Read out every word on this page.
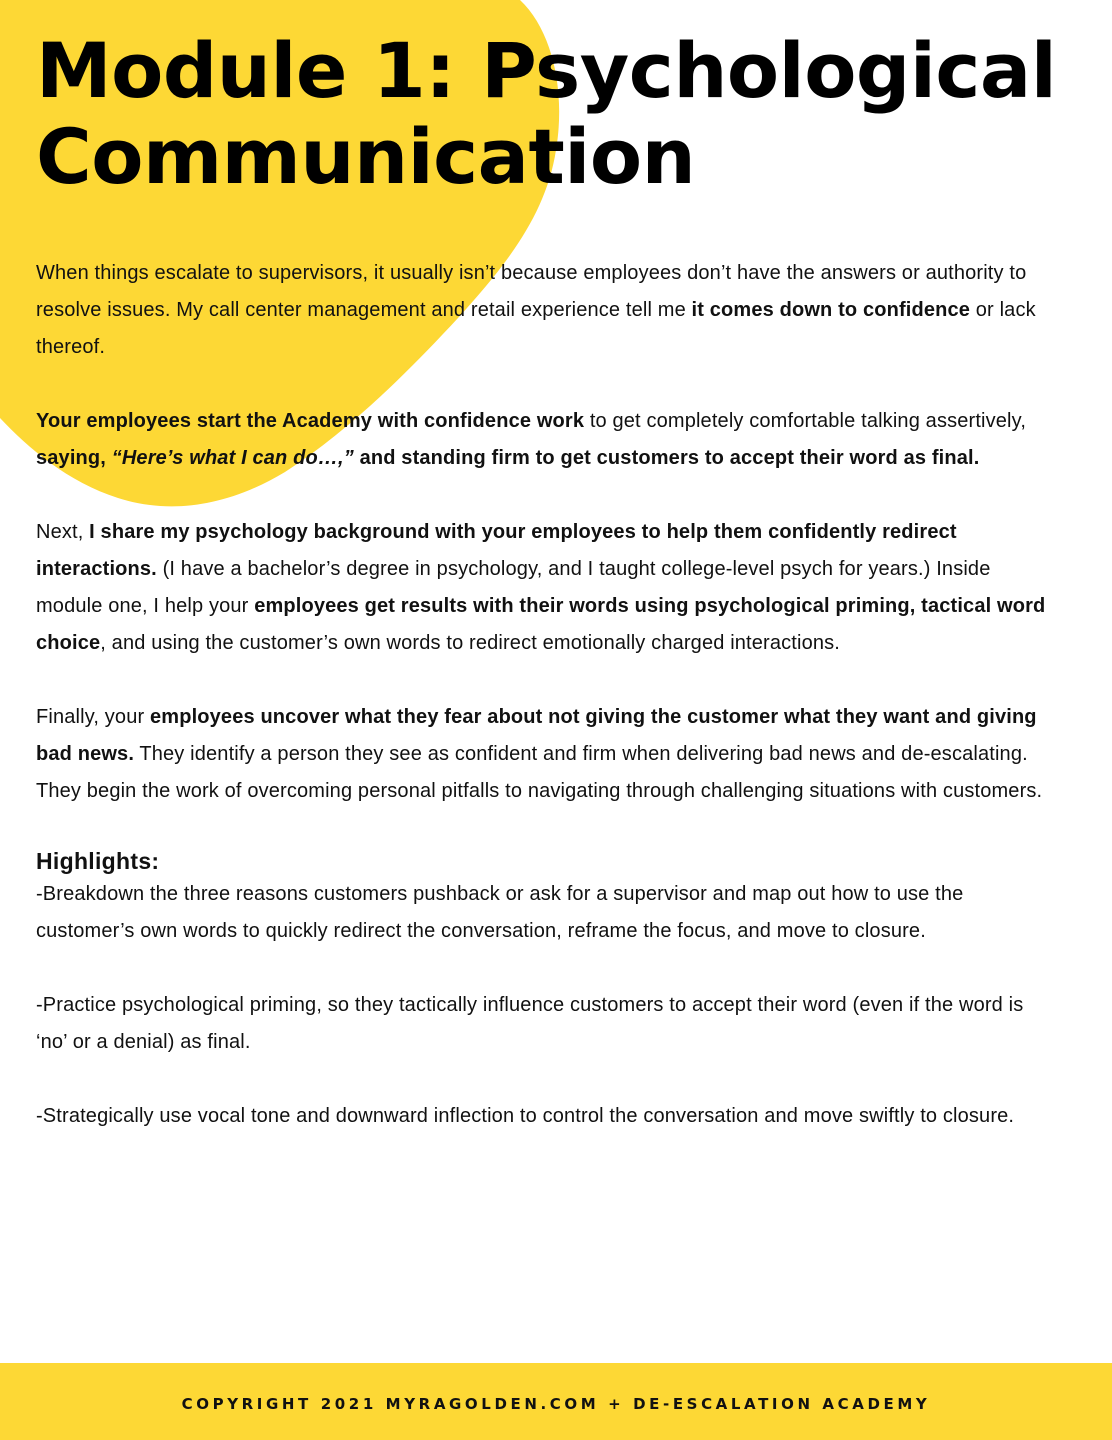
Module 1: Psychological
Communication

When things escalate to supervisors, it usually isn’t because employees don’t have the answers or authority to resolve issues. My call center management and retail experience tell me it comes down to confidence or lack thereof.

Your employees start the Academy with confidence work to get completely comfortable talking assertively, saying, “Here’s what I can do…,” and standing firm to get customers to accept their word as final.

Next, I share my psychology background with your employees to help them confidently redirect interactions. (I have a bachelor’s degree in psychology, and I taught college-level psych for years.) Inside module one, I help your employees get results with their words using psychological priming, tactical word choice, and using the customer’s own words to redirect emotionally charged interactions.

Finally, your employees uncover what they fear about not giving the customer what they want and giving bad news. They identify a person they see as confident and firm when delivering bad news and de-escalating. They begin the work of overcoming personal pitfalls to navigating through challenging situations with customers.

Highlights:

-Breakdown the three reasons customers pushback or ask for a supervisor and map out how to use the customer’s own words to quickly redirect the conversation, reframe the focus, and move to closure.

-Practice psychological priming, so they tactically influence customers to accept their word (even if the word is ‘no’ or a denial) as final.

-Strategically use vocal tone and downward inflection to control the conversation and move swiftly to closure.

COPYRIGHT 2021 MYRAGOLDEN.COM + DE-ESCALATION ACADEMY
